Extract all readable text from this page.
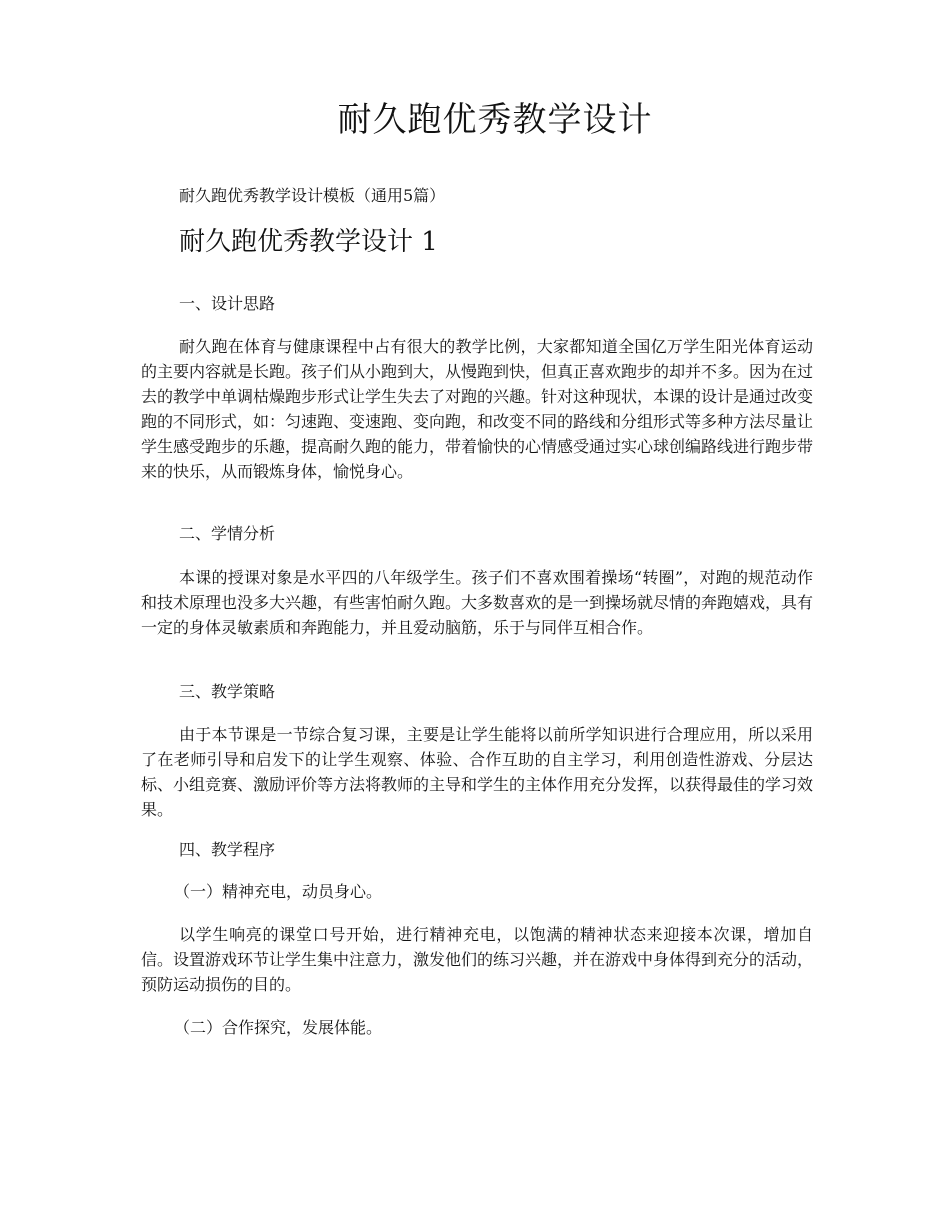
耐久跑优秀教学设计

耐久跑优秀教学设计模板（通用5篇）

耐久跑优秀教学设计 1
一、设计思路

耐久跑在体育与健康课程中占有很大的教学比例，大家都知道全国亿万学生阳光体育运动的主要内容就是长跑。孩子们从小跑到大，从慢跑到快，但真正喜欢跑步的却并不多。因为在过去的教学中单调枯燥跑步形式让学生失去了对跑的兴趣。针对这种现状，本课的设计是通过改变跑的不同形式，如：匀速跑、变速跑、变向跑，和改变不同的路线和分组形式等多种方法尽量让学生感受跑步的乐趣，提高耐久跑的能力，带着愉快的心情感受通过实心球创编路线进行跑步带来的快乐，从而锻炼身体，愉悦身心。

二、学情分析

本课的授课对象是水平四的八年级学生。孩子们不喜欢围着操场“转圈”，对跑的规范动作和技术原理也没多大兴趣，有些害怕耐久跑。大多数喜欢的是一到操场就尽情的奔跑嬉戏，具有一定的身体灵敏素质和奔跑能力，并且爱动脑筋，乐于与同伴互相合作。

三、教学策略

由于本节课是一节综合复习课，主要是让学生能将以前所学知识进行合理应用，所以采用了在老师引导和启发下的让学生观察、体验、合作互助的自主学习，利用创造性游戏、分层达标、小组竞赛、激励评价等方法将教师的主导和学生的主体作用充分发挥，以获得最佳的学习效果。

四、教学程序
（一）精神充电，动员身心。

以学生响亮的课堂口号开始，进行精神充电，以饱满的精神状态来迎接本次课，增加自信。设置游戏环节让学生集中注意力，激发他们的练习兴趣，并在游戏中身体得到充分的活动，预防运动损伤的目的。

（二）合作探究，发展体能。
